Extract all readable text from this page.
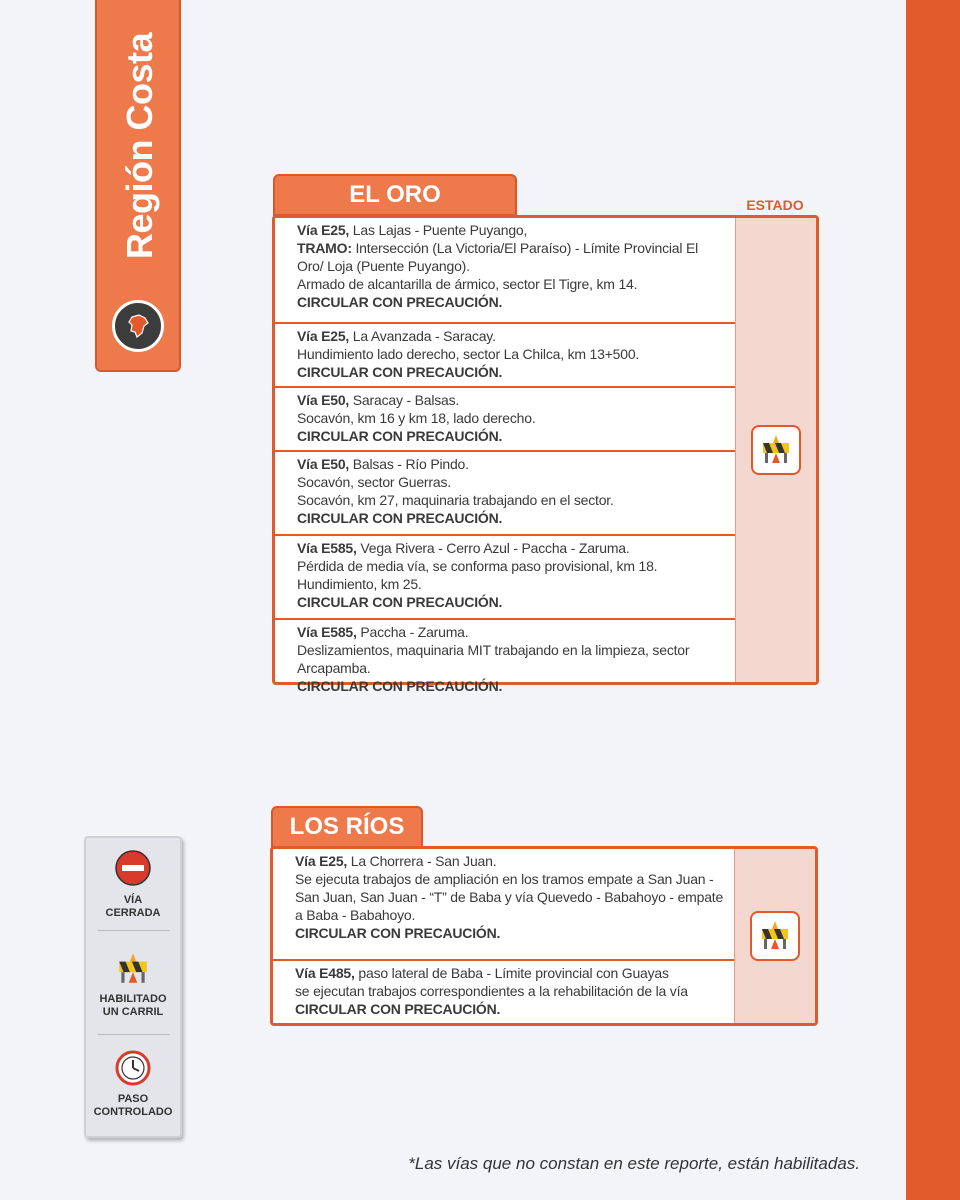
Región Costa	EL ORO	ESTADO
Vía E25, Las Lajas - Puente Puyango,
TRAMO: Intersección (La Victoria/El Paraíso) - Límite Provincial El Oro/ Loja (Puente Puyango).
Armado de alcantarilla de ármico, sector El Tigre, km 14.
CIRCULAR CON PRECAUCIÓN.
Vía E25, La Avanzada - Saracay.
Hundimiento lado derecho, sector La Chilca, km 13+500.
CIRCULAR CON PRECAUCIÓN.
Vía E50, Saracay - Balsas.
Socavón, km 16 y km 18, lado derecho.
CIRCULAR CON PRECAUCIÓN.
Vía E50, Balsas - Río Pindo.
Socavón, sector Guerras.
Socavón, km 27, maquinaria trabajando en el sector.
CIRCULAR CON PRECAUCIÓN.
Vía E585, Vega Rivera - Cerro Azul - Paccha - Zaruma.
Pérdida de media vía, se conforma paso provisional, km 18.
Hundimiento, km 25.
CIRCULAR CON PRECAUCIÓN.
Vía E585, Paccha - Zaruma.
Deslizamientos, maquinaria MIT trabajando en la limpieza, sector Arcapamba.
CIRCULAR CON PRECAUCIÓN.
LOS RÍOS
Vía E25, La Chorrera - San Juan.
Se ejecuta trabajos de ampliación en los tramos empate a San Juan - San Juan, San Juan - “T” de Baba y vía Quevedo - Babahoyo - empate a Baba - Babahoyo.
CIRCULAR CON PRECAUCIÓN.
Vía E485, paso lateral de Baba - Límite provincial con Guayas
se ejecutan trabajos correspondientes a la rehabilitación de la vía
CIRCULAR CON PRECAUCIÓN.
VÍA
CERRADA
HABILITADO
UN CARRIL
PASO
CONTROLADO
*Las vías que no constan en este reporte, están habilitadas.
